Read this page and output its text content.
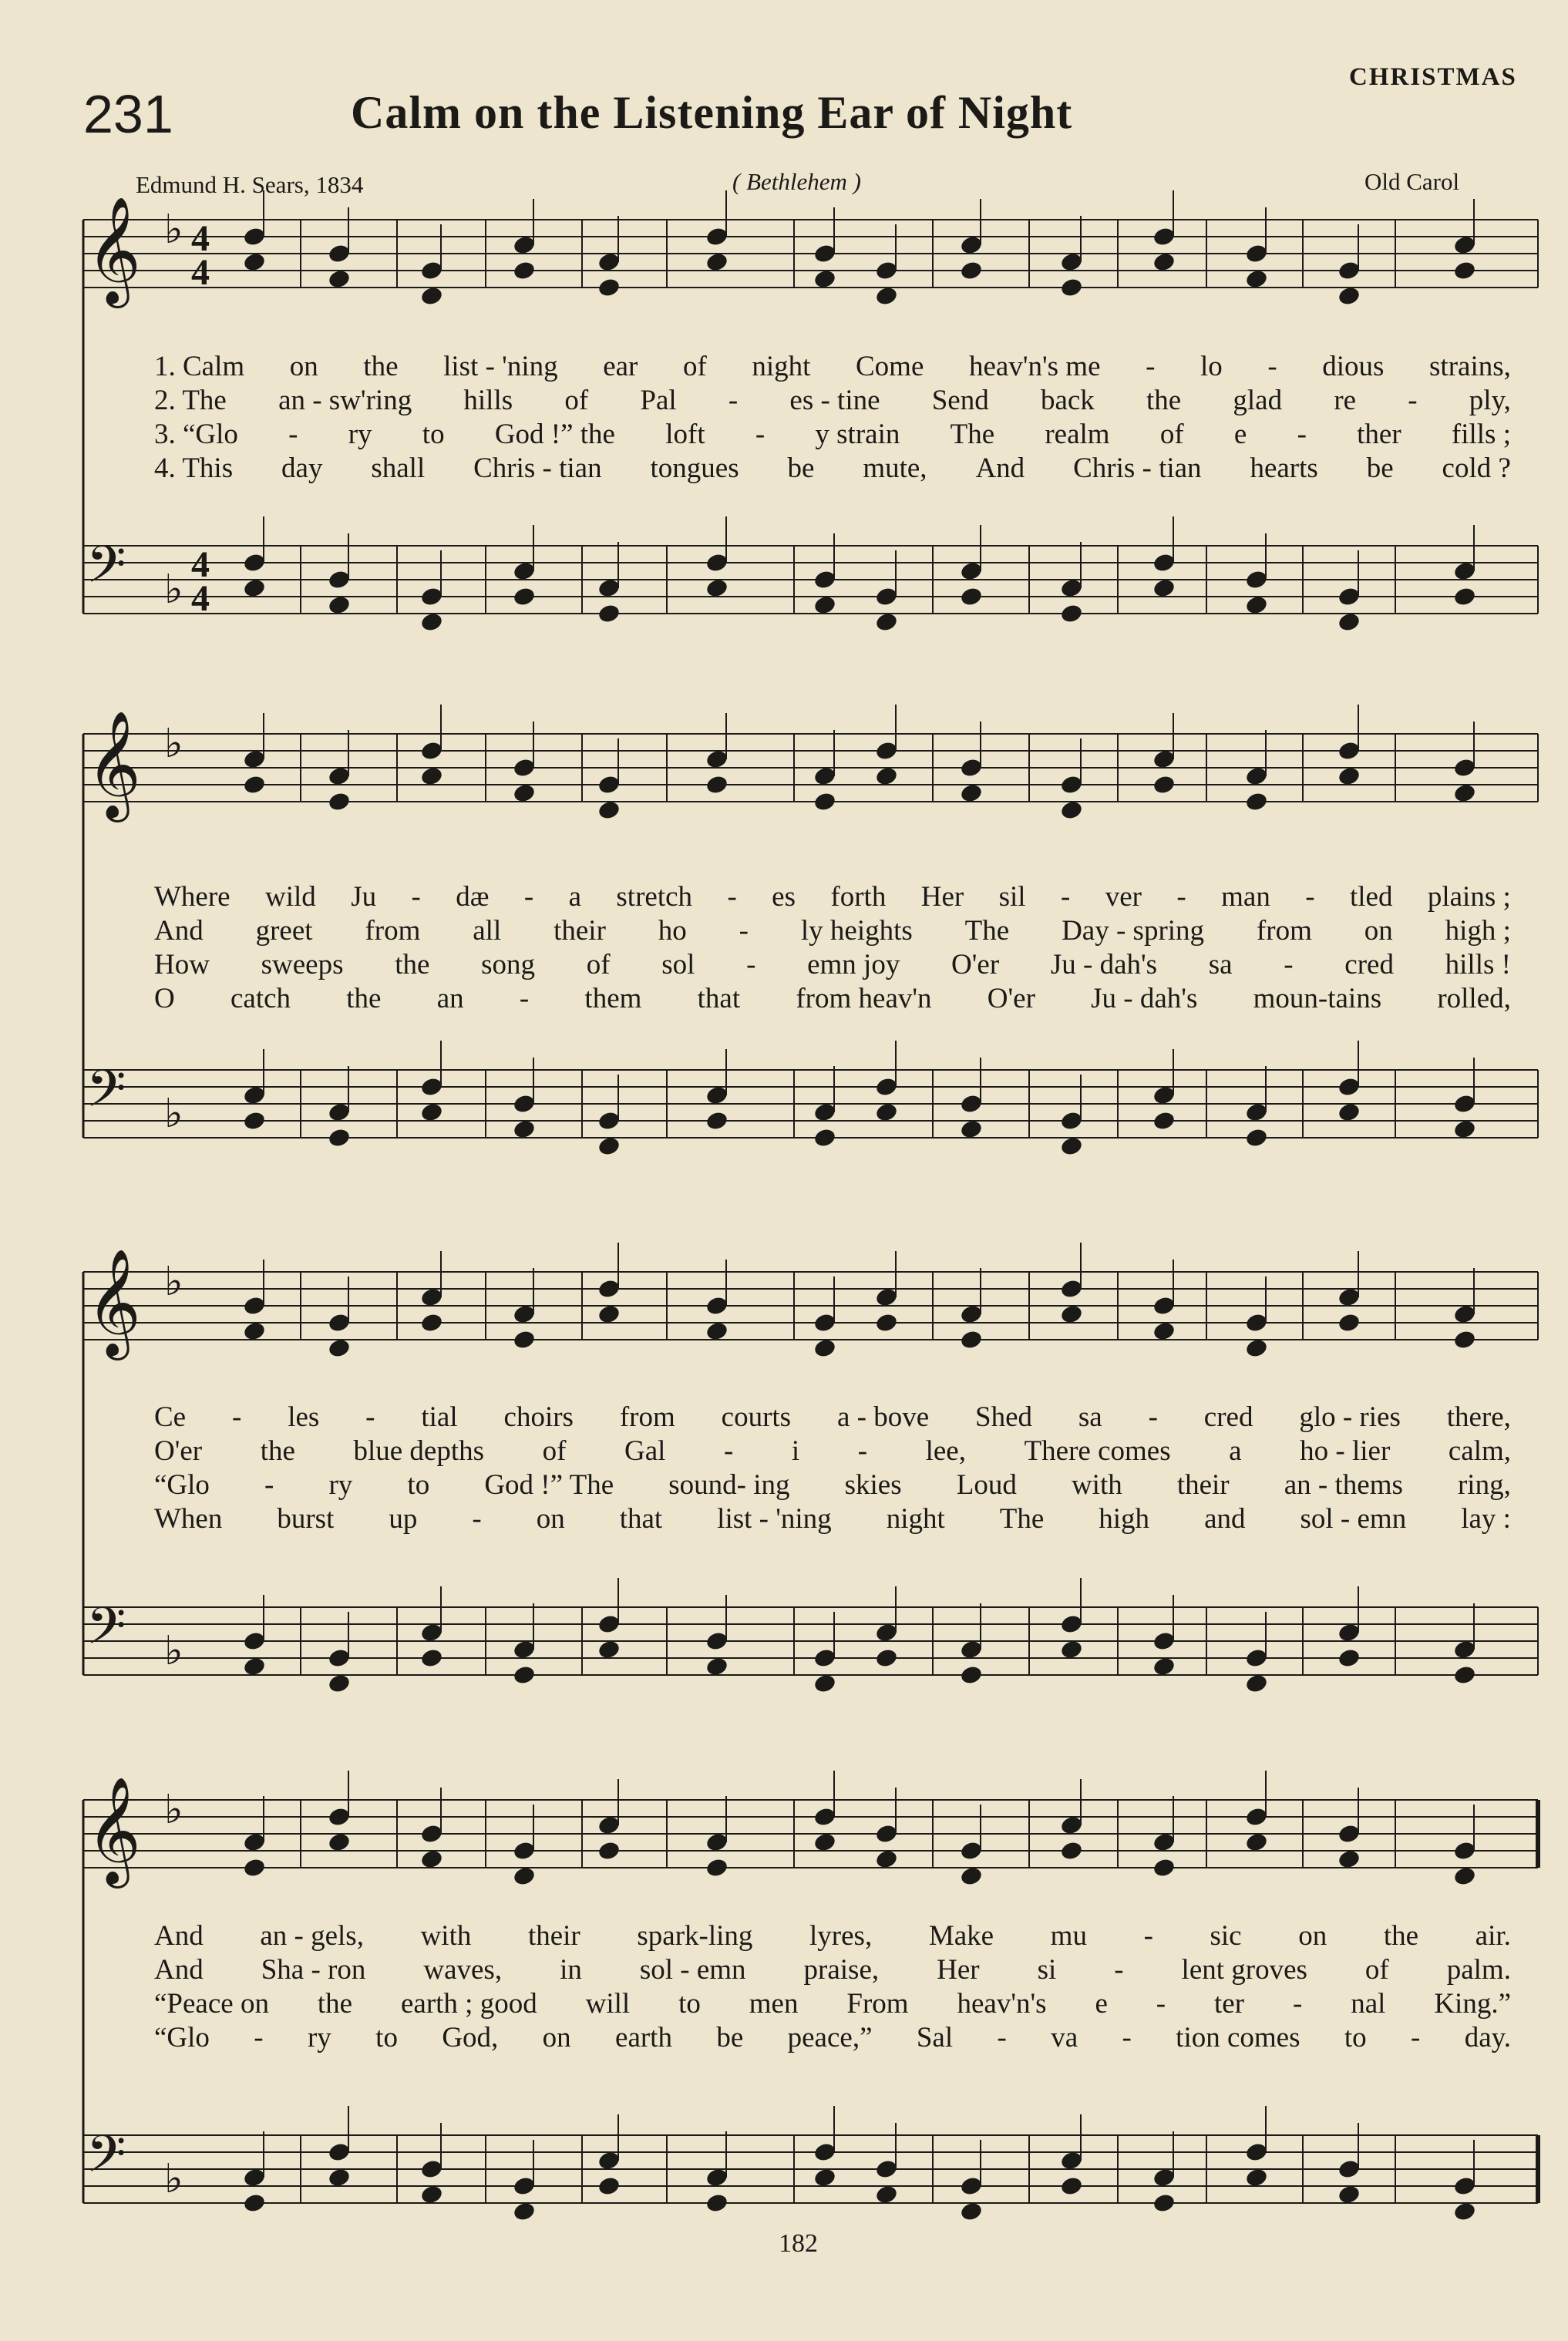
231	Calm on the Listening Ear of Night
CHRISTMAS
Edmund H. Sears, 1834	( Bethlehem )	Old Carol
𝄞 ♭ 4
4
𝄢 ♭
4
4
1. Calm on the list - 'ning ear of night Come heav'n's me - lo - dious strains,
2. The an - sw'ring hills of Pal - es - tine Send back the glad re - ply,
3. “Glo - ry to God !” the loft - y strain The realm of e - ther fills ;
4. This day shall Chris - tian tongues be mute, And Chris - tian hearts be cold ?
𝄞 ♭
𝄢 ♭
Where wild Ju - dæ - a stretch - es forth Her sil - ver - man - tled plains ;
And greet from all their ho - ly heights The Day - spring from on high ;
How sweeps the song of sol - emn joy O'er Ju - dah's sa - cred hills !
O catch the an - them that from heav'n O'er Ju - dah's moun-tains rolled,
𝄞 ♭
𝄢 ♭
Ce - les - tial choirs from courts a - bove Shed sa - cred glo - ries there,
O'er the blue depths of Gal - i - lee, There comes a ho - lier calm,
“Glo - ry to God !” The sound- ing skies Loud with their an - thems ring,
When burst up - on that list - 'ning night The high and sol - emn lay :
𝄞 ♭
𝄢 ♭
And an - gels, with their spark-ling lyres, Make mu - sic on the air.
And Sha - ron waves, in sol - emn praise, Her si - lent groves of palm.
“Peace on the earth ; good will to men From heav'n's e - ter - nal King.”
“Glo - ry to God, on earth be peace,” Sal - va - tion comes to - day.
182
